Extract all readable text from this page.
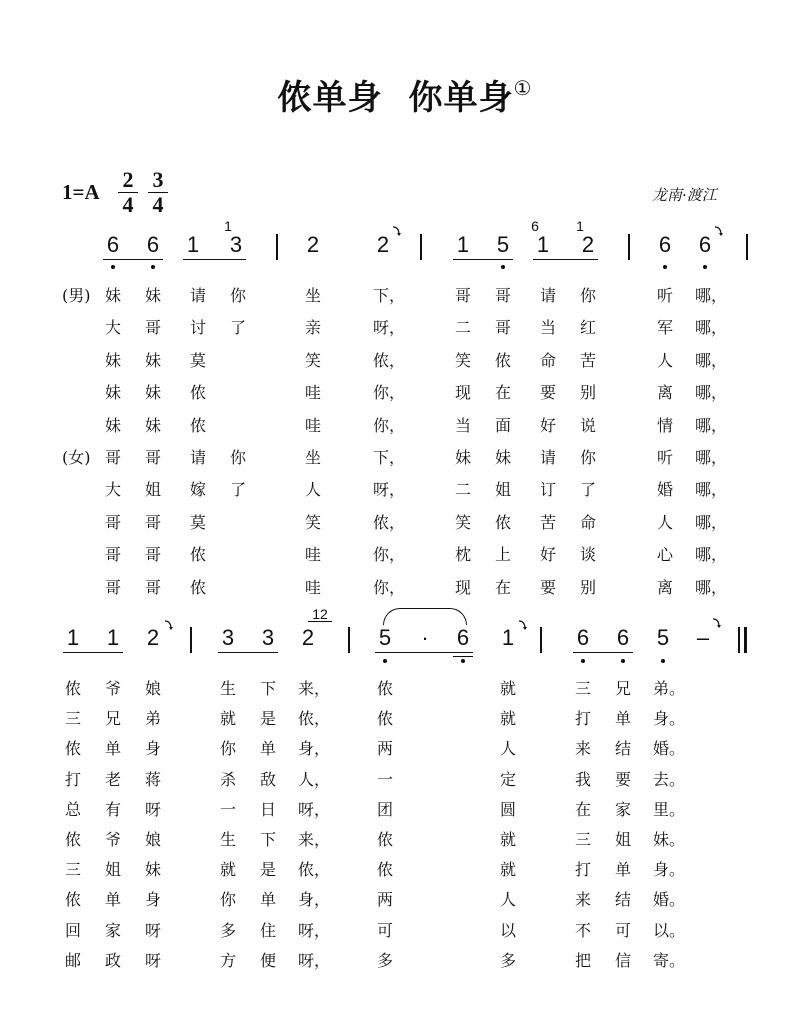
侬单身 你单身①
$1=A \frac{2}{4} \frac{3}{4}$	龙南·渡江
6 6 1 3	2	2	1 5 1 2	6 6
1	6	1
妹 妹 请 你	坐	下，	哥 哥 请 你	听 哪，
大 哥 讨 了	亲	呀，	二 哥 当 红	军 哪，
妹 妹 莫	笑	侬，	笑 侬 命 苦	人 哪，
妹 妹 侬	哇	你，	现 在 要 别	离 哪，
妹 妹 侬	哇	你，	当 面 好 说	情 哪，
哥 哥 请 你	坐	下，	妹 妹 请 你	听 哪，
大 姐 嫁 了	人	呀，	二 姐 订 了	婚 哪，
哥 哥 莫	笑	侬，	笑 侬 苦 命	人 哪，
哥 哥 侬	哇	你，	枕 上 好 谈	心 哪，
哥 哥 侬	哇	你，	现 在 要 别	离 哪，
(男)
(女)
1 1 2	3 3 2	5 · 6 1	6 6 5 –
12
侬 爷 娘	生 下 来，	侬	就	三 兄 弟。
三 兄 弟	就 是 侬，	侬	就	打 单 身。
侬 单 身	你 单 身，	两	人	来 结 婚。
打 老 蒋	杀 敌 人，	一	定	我 要 去。
总 有 呀	一 日 呀，	团	圆	在 家 里。
侬 爷 娘	生 下 来，	侬	就	三 姐 妹。
三 姐 妹	就 是 侬，	侬	就	打 单 身。
侬 单 身	你 单 身，	两	人	来 结 婚。
回 家 呀	多 住 呀，	可	以	不 可 以。
邮 政 呀	方 便 呀，	多	多	把 信 寄。
